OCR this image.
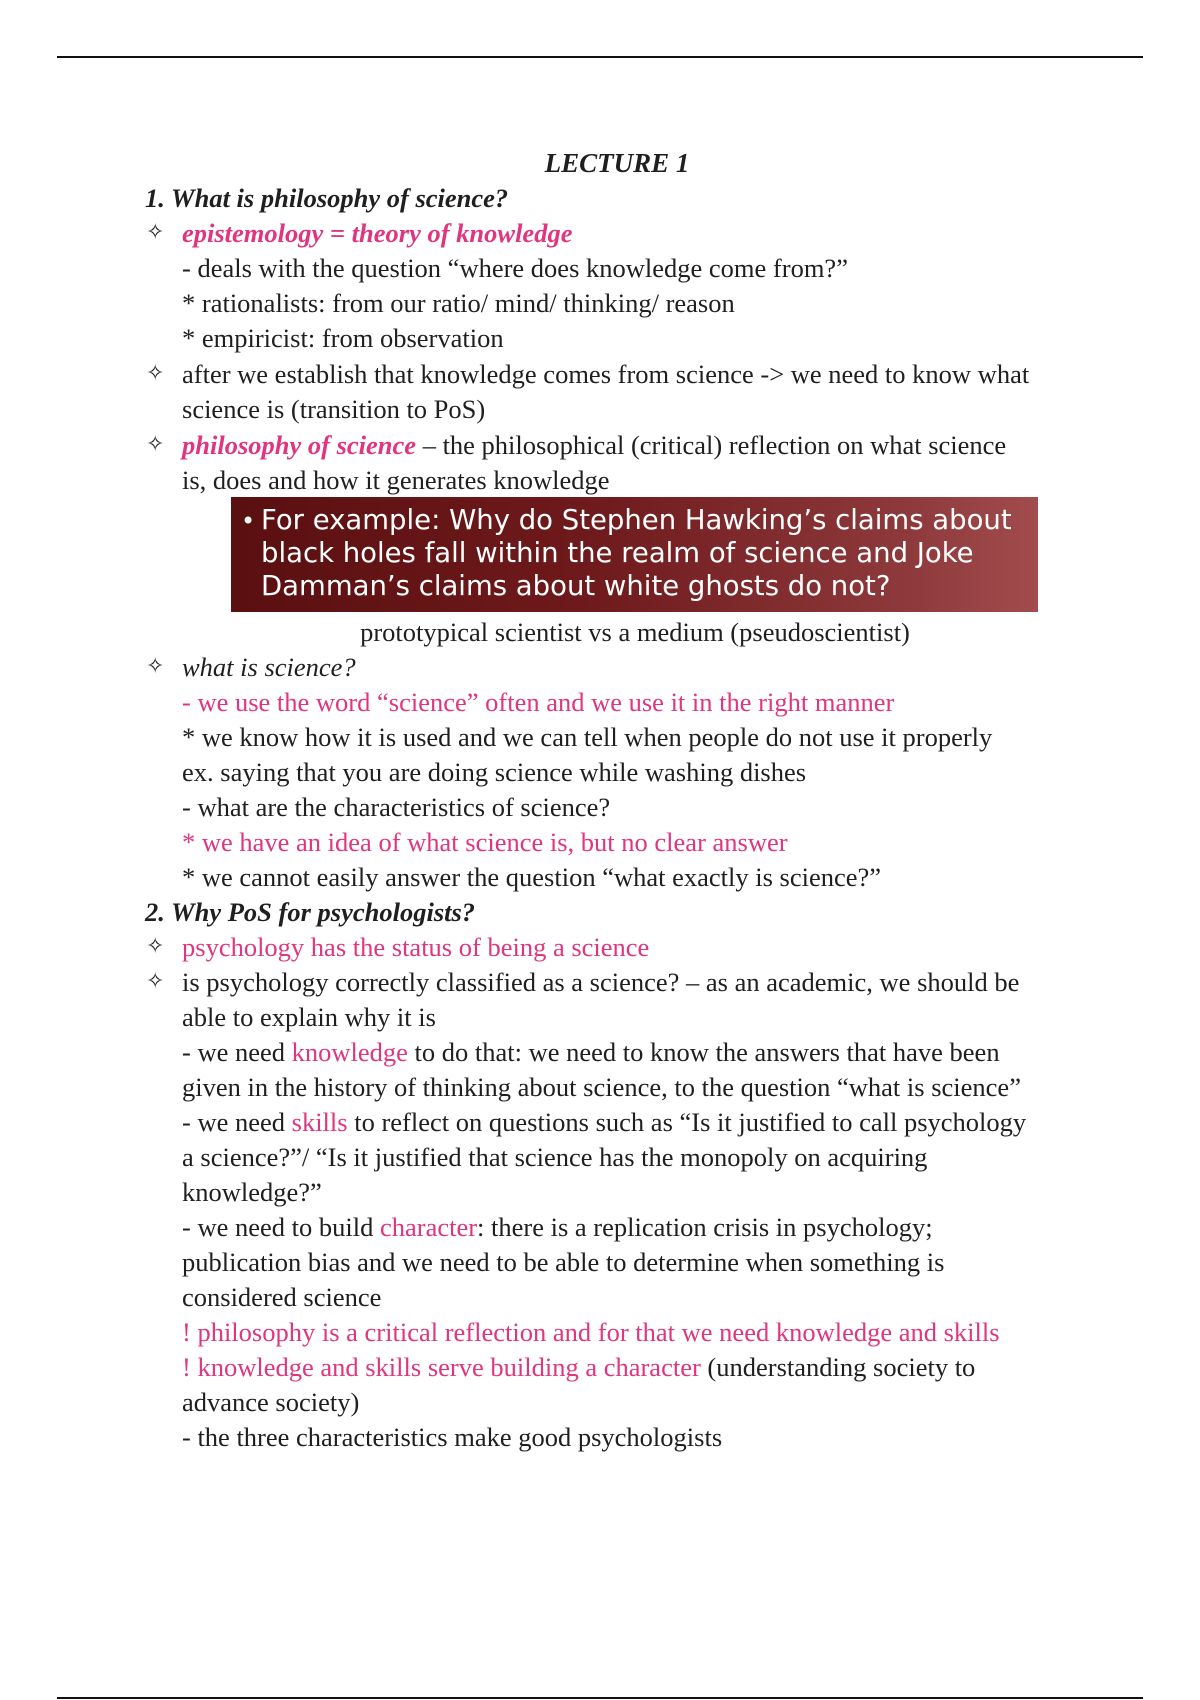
LECTURE 1
1. What is philosophy of science?
✧ epistemology = theory of knowledge
- deals with the question “where does knowledge come from?”
* rationalists: from our ratio/ mind/ thinking/ reason
* empiricist: from observation
✧ after we establish that knowledge comes from science -> we need to know what
science is (transition to PoS)
✧ philosophy of science – the philosophical (critical) reflection on what science
is, does and how it generates knowledge
• For example: Why do Stephen Hawking’s claims about
black holes fall within the realm of science and Joke
Damman’s claims about white ghosts do not?
prototypical scientist vs a medium (pseudoscientist)
✧ what is science?
- we use the word “science” often and we use it in the right manner
* we know how it is used and we can tell when people do not use it properly
ex. saying that you are doing science while washing dishes
- what are the characteristics of science?
* we have an idea of what science is, but no clear answer
* we cannot easily answer the question “what exactly is science?”
2. Why PoS for psychologists?
✧ psychology has the status of being a science
✧ is psychology correctly classified as a science? – as an academic, we should be
able to explain why it is
- we need knowledge to do that: we need to know the answers that have been
given in the history of thinking about science, to the question “what is science”
- we need skills to reflect on questions such as “Is it justified to call psychology
a science?”/ “Is it justified that science has the monopoly on acquiring
knowledge?”
- we need to build character: there is a replication crisis in psychology;
publication bias and we need to be able to determine when something is
considered science
! philosophy is a critical reflection and for that we need knowledge and skills
! knowledge and skills serve building a character (understanding society to
advance society)
- the three characteristics make good psychologists
